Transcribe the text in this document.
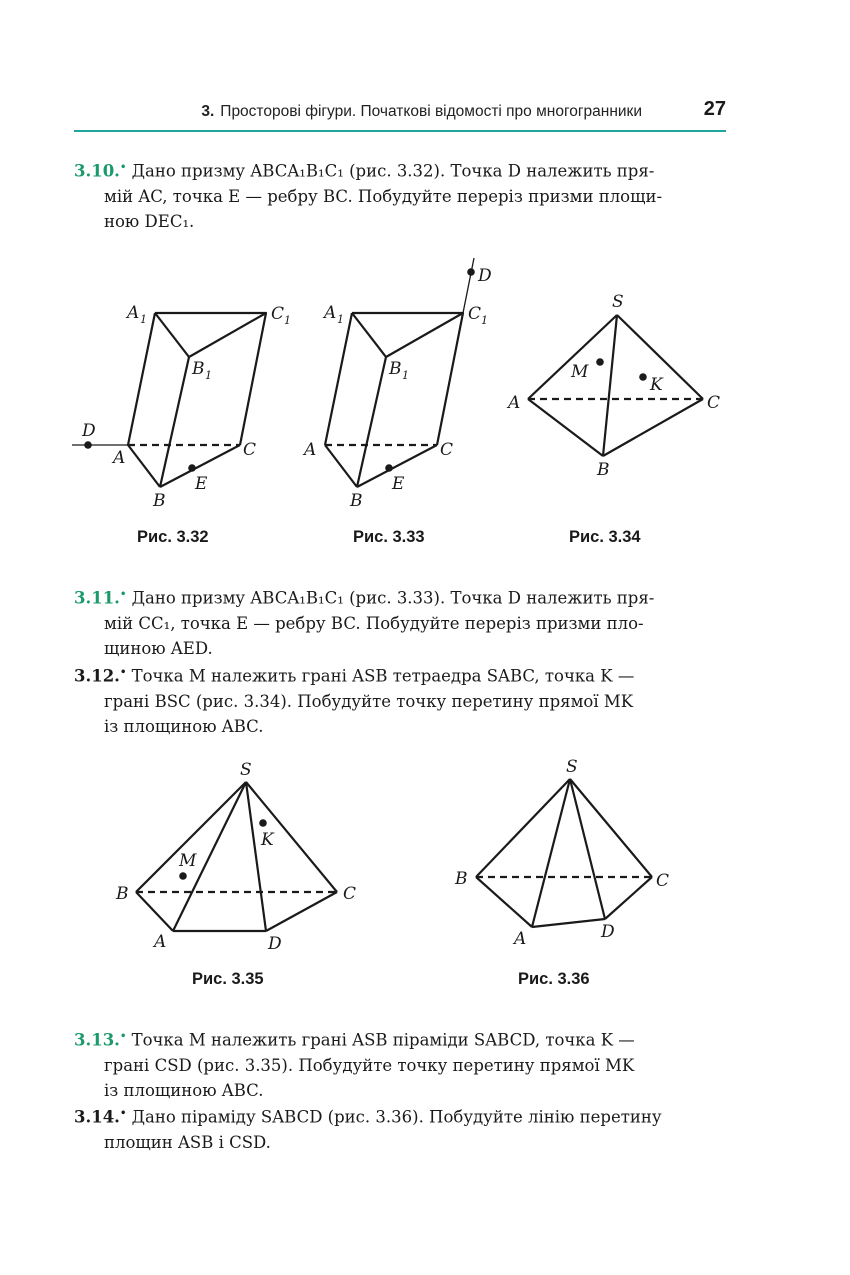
3. Просторові фігури. Початкові відомості про многогранники	27
3.10.• Дано призму ABCA₁B₁C₁ (рис. 3.32). Точка D належить пря-
мій AC, точка E — ребру BC. Побудуйте переріз призми площи-
ною DEC₁.
A 1	C 1
B 1
D
A	C
B
E
A 1	C 1
B 1
D
A	C
B
E
S
M
K
A	C
B
S
K
M
B	C
A	D
S
B	C
A	D
Рис. 3.32	Рис. 3.33	Рис. 3.34
3.11.• Дано призму ABCA₁B₁C₁ (рис. 3.33). Точка D належить пря-
мій CC₁, точка E — ребру BC. Побудуйте переріз призми пло-
щиною AED.
3.12.• Точка M належить грані ASB тетраедра SABC, точка K —
грані BSC (рис. 3.34). Побудуйте точку перетину прямої MK
із площиною ABC.
Рис. 3.35	Рис. 3.36
3.13.• Точка M належить грані ASB піраміди SABCD, точка K —
грані CSD (рис. 3.35). Побудуйте точку перетину прямої MK
із площиною ABC.
3.14.• Дано піраміду SABCD (рис. 3.36). Побудуйте лінію перетину
площин ASB і CSD.
